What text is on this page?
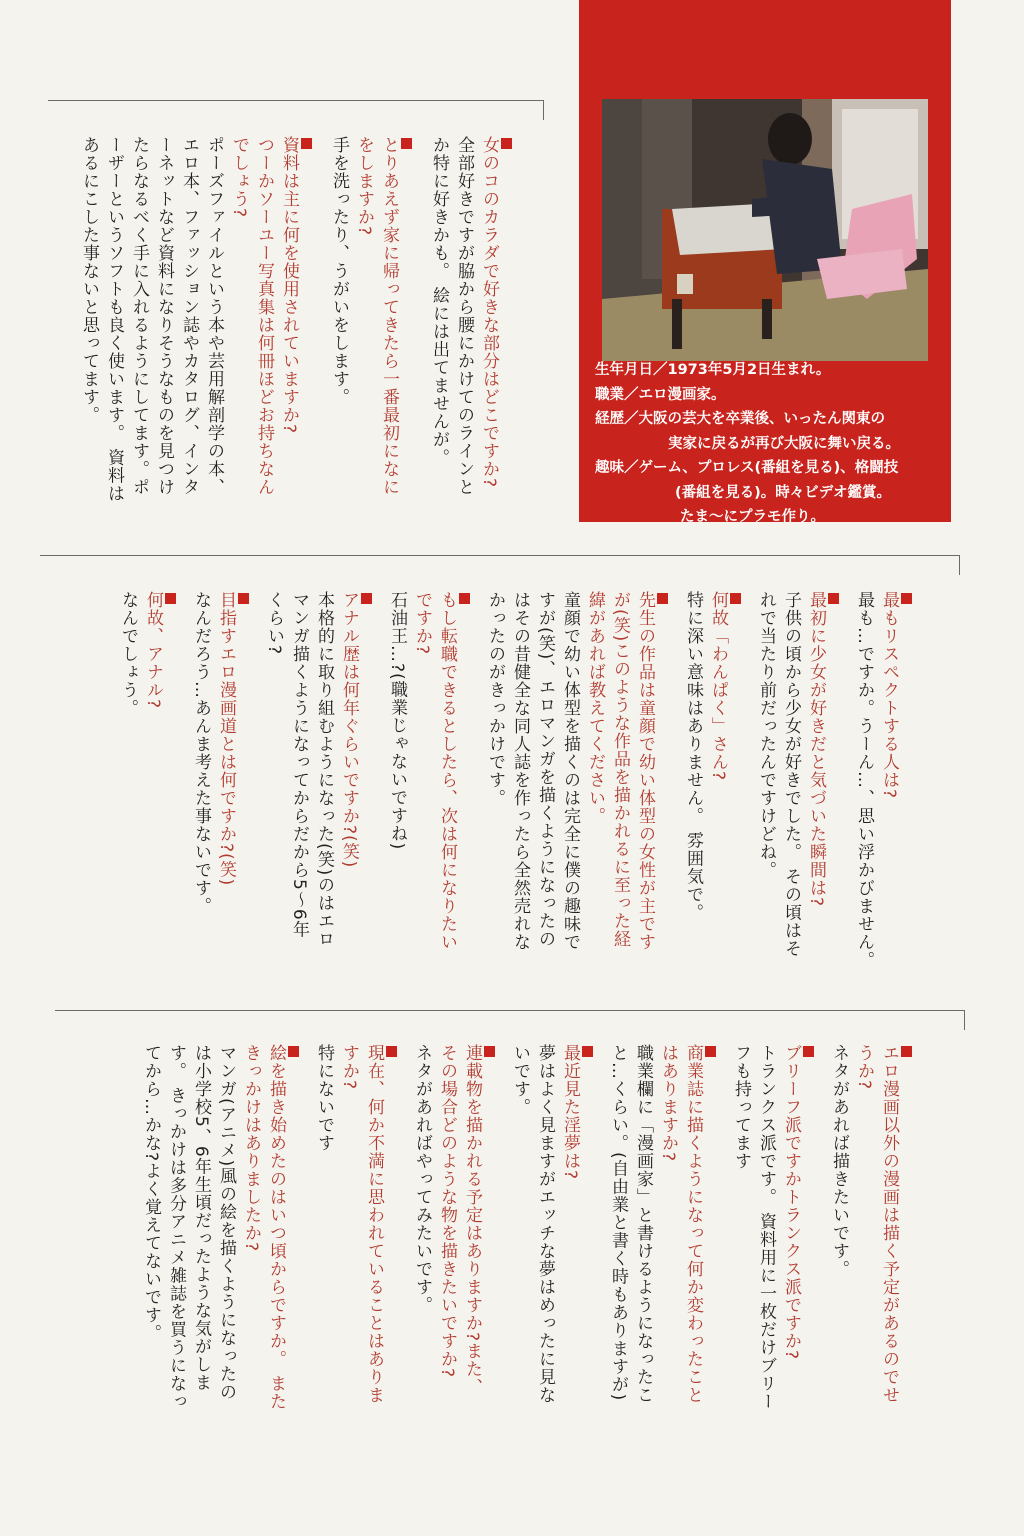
生年月日／1973年5月2日生まれ。
職業／エロ漫画家。
経歴／大阪の芸大を卒業後、いったん関東の
実家に戻るが再び大阪に舞い戻る。
趣味／ゲーム、プロレス(番組を見る)、格闘技
(番組を見る)。時々ビデオ鑑賞。
たま～にプラモ作り。
女のコのカラダで好きな部分はどこですか?
全部好きですが脇から腰にかけてのラインと
か特に好きかも。 絵には出てませんが。
とりあえず家に帰ってきたら一番最初になに
をしますか?
手を洗ったり、うがいをします。
資料は主に何を使用されていますか?
つーかソーユー写真集は何冊ほどお持ちなん
でしょう?
ポーズファイルという本や芸用解剖学の本、
エロ本、ファッション誌やカタログ、インタ
ーネットなど資料になりそうなものを見つけ
たらなるべく手に入れるようにしてます。ポ
ーザーというソフトも良く使います。 資料は
あるにこした事ないと思ってます。
最もリスペクトする人は?
最も…ですか。うーん…、思い浮かびません。
最初に少女が好きだと気づいた瞬間は?
子供の頃から少女が好きでした。 その頃はそ
れで当たり前だったんですけどね。
何故「わんぱく」さん?
特に深い意味はありません。 雰囲気で。
先生の作品は童顔で幼い体型の女性が主です
が(笑)このような作品を描かれるに至った経
緯があれば教えてください。
童顔で幼い体型を描くのは完全に僕の趣味で
すが(笑)、エロマンガを描くようになったの
はその昔健全な同人誌を作ったら全然売れな
かったのがきっかけです。
もし転職できるとしたら、次は何になりたい
ですか?
石油王…?(職業じゃないですね)
アナル歴は何年ぐらいですか?(笑)
本格的に取り組むようになった(笑)のはエロ
マンガ描くようになってからだから5～6年
くらい?
目指すエロ漫画道とは何ですか?(笑)
なんだろう…あんま考えた事ないです。
何故、アナル?
なんでしょう。
エロ漫画以外の漫画は描く予定があるのでせ
うか?
ネタがあれば描きたいです。
ブリーフ派ですかトランクス派ですか?
トランクス派です。 資料用に一枚だけブリー
フも持ってます
商業誌に描くようになって何か変わったこと
はありますか?
職業欄に「漫画家」と書けるようになったこ
と…くらい。(自由業と書く時もありますが)
最近見た淫夢は?
夢はよく見ますがエッチな夢はめったに見な
いです。
連載物を描かれる予定はありますか?また、
その場合どのような物を描きたいですか?
ネタがあればやってみたいです。
現在、何か不満に思われていることはありま
すか?
特にないです
絵を描き始めたのはいつ頃からですか。 また
きっかけはありましたか?
マンガ(アニメ)風の絵を描くようになったの
は小学校5、6年生頃だったような気がしま
す。 きっかけは多分アニメ雑誌を買うになっ
てから…かな?よく覚えてないです。
